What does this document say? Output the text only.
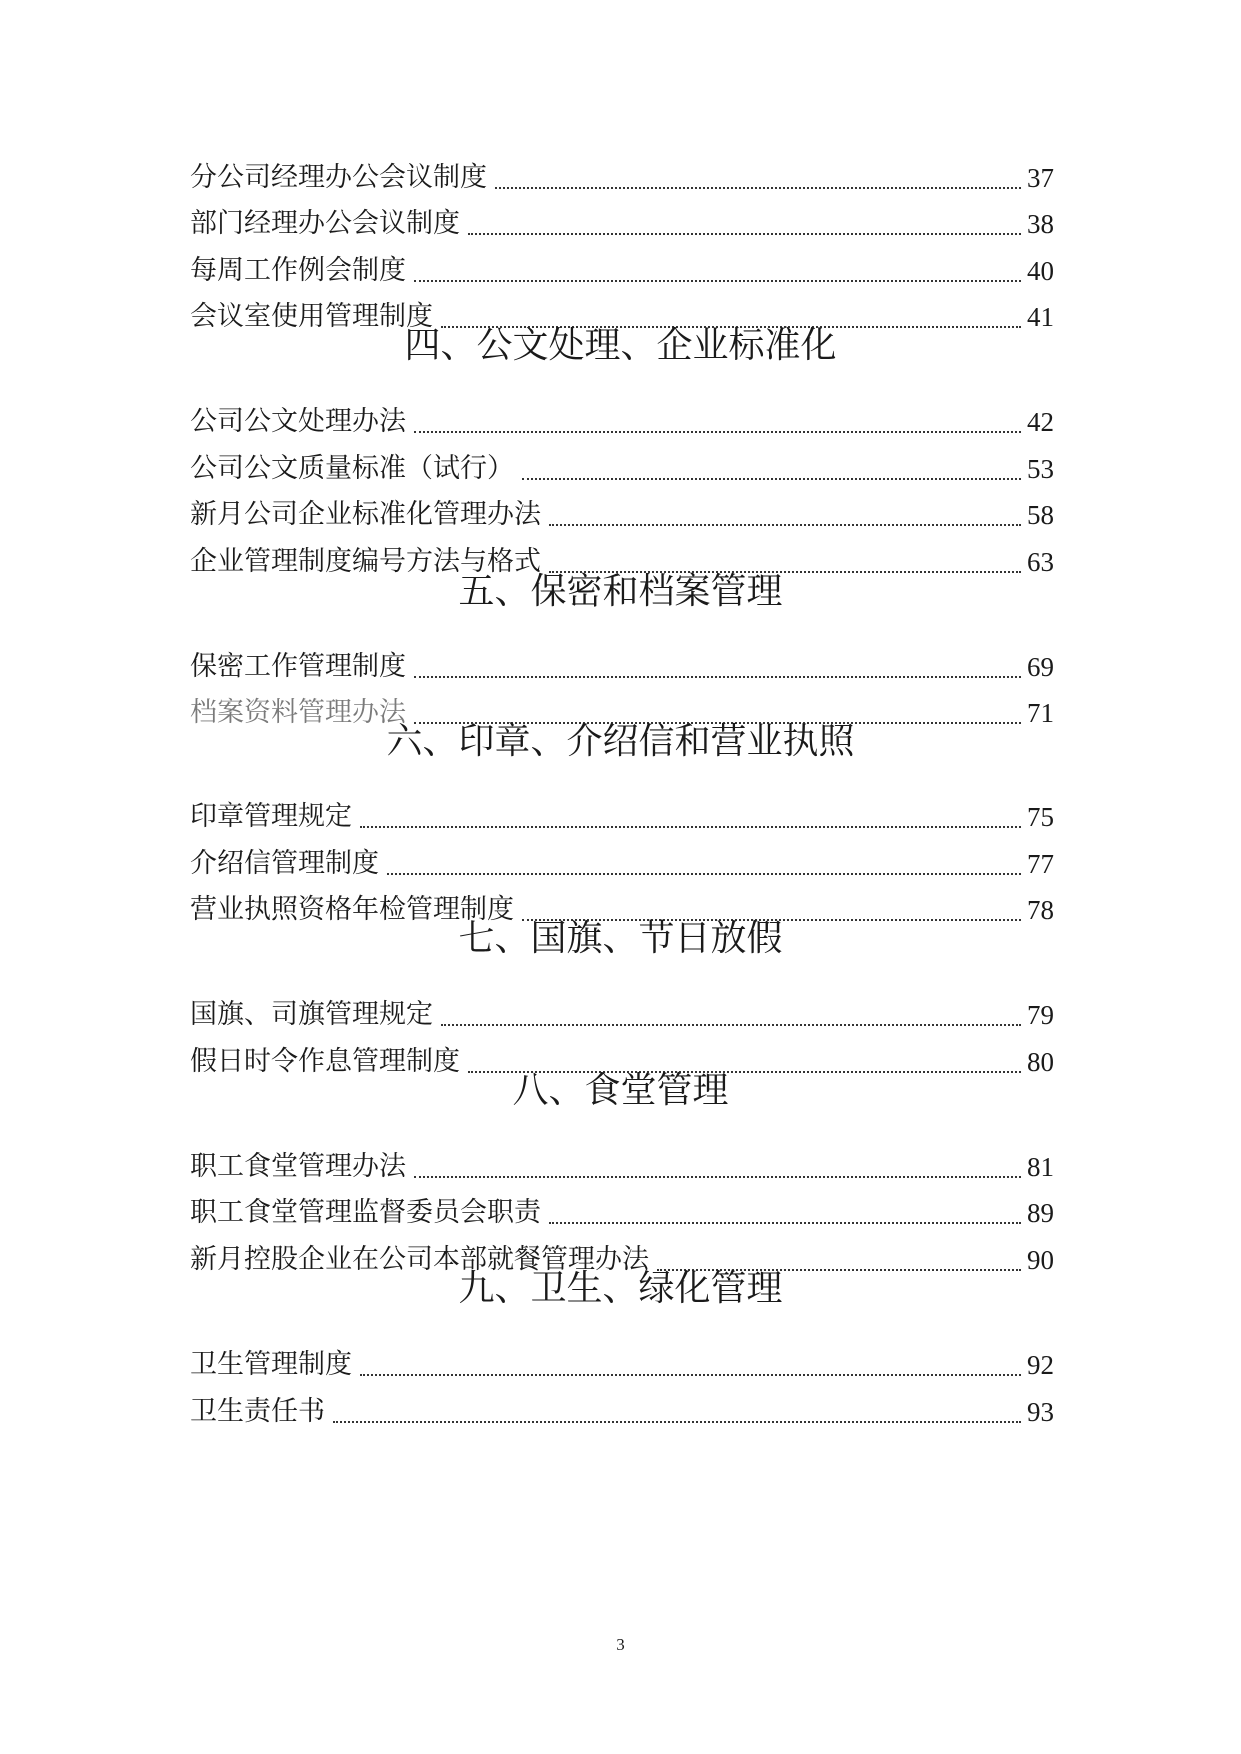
分公司经理办公会议制度	37
部门经理办公会议制度	38
每周工作例会制度	40
会议室使用管理制度	41
四、公文处理、企业标准化
公司公文处理办法	42
公司公文质量标准（试行）	53
新月公司企业标准化管理办法	58
企业管理制度编号方法与格式	63
五、保密和档案管理
保密工作管理制度	69
档案资料管理办法	71
六、印章、介绍信和营业执照
印章管理规定	75
介绍信管理制度	77
营业执照资格年检管理制度	78
七、国旗、节日放假
国旗、司旗管理规定	79
假日时令作息管理制度	80
八、食堂管理
职工食堂管理办法	81
职工食堂管理监督委员会职责	89
新月控股企业在公司本部就餐管理办法	90
九、卫生、绿化管理
卫生管理制度	92
卫生责任书	93
3
